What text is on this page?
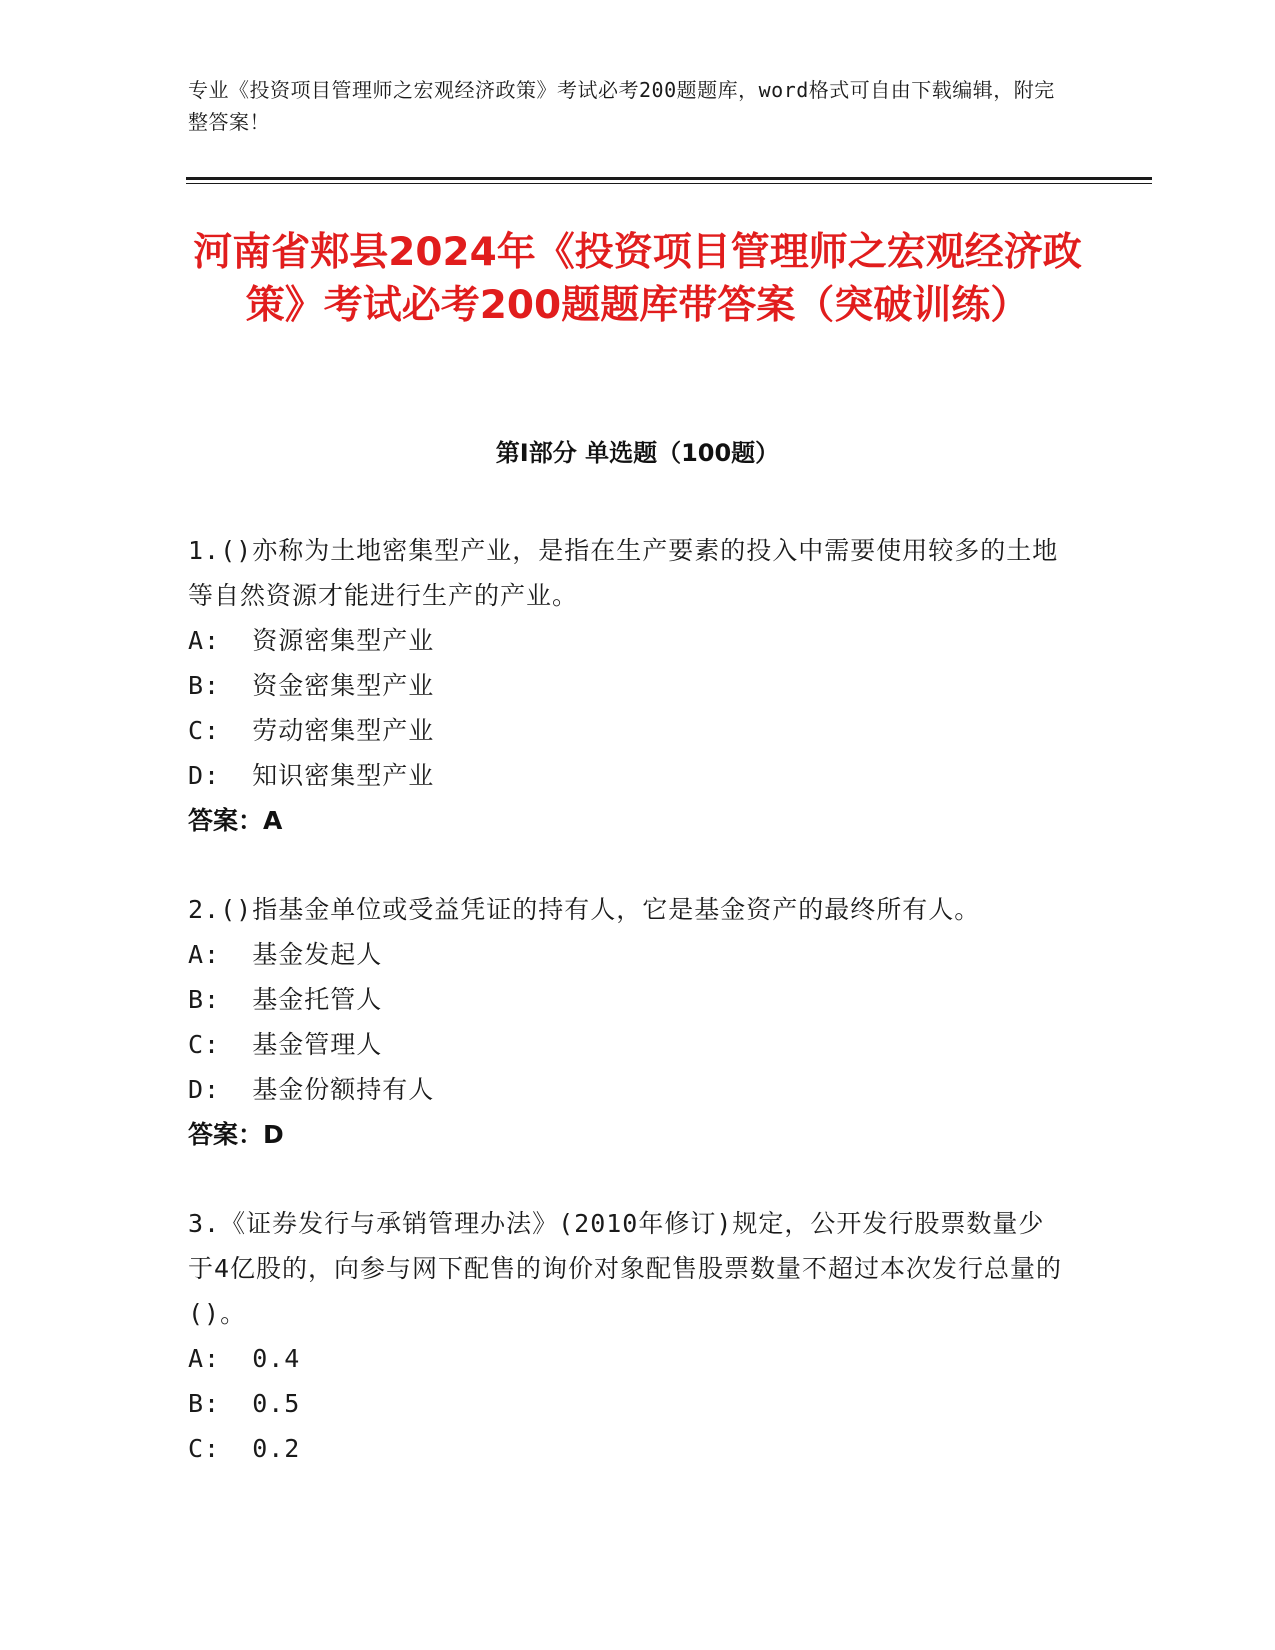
专业《投资项目管理师之宏观经济政策》考试必考200题题库，word格式可自由下载编辑，附完整答案！
河南省郏县2024年《投资项目管理师之宏观经济政策》考试必考200题题库带答案（突破训练）
第I部分 单选题（100题）
1.()亦称为土地密集型产业，是指在生产要素的投入中需要使用较多的土地等自然资源才能进行生产的产业。
A:  资源密集型产业
B:  资金密集型产业
C:  劳动密集型产业
D:  知识密集型产业
答案：A
2.()指基金单位或受益凭证的持有人，它是基金资产的最终所有人。
A:  基金发起人
B:  基金托管人
C:  基金管理人
D:  基金份额持有人
答案：D
3.《证券发行与承销管理办法》(2010年修订)规定，公开发行股票数量少于4亿股的，向参与网下配售的询价对象配售股票数量不超过本次发行总量的()。
A:  0.4
B:  0.5
C:  0.2
